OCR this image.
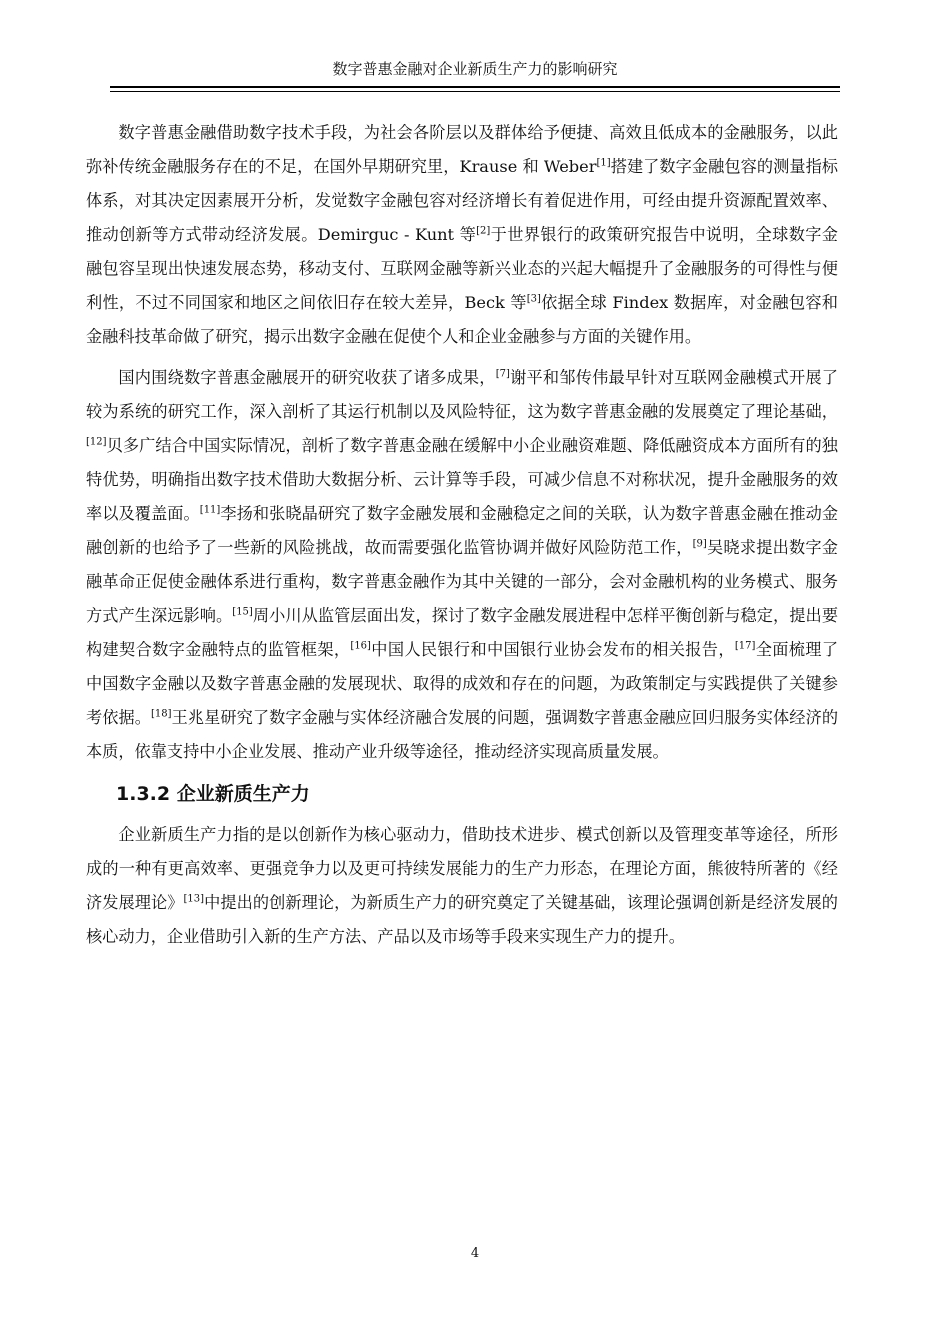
数字普惠金融对企业新质生产力的影响研究

数字普惠金融借助数字技术手段，为社会各阶层以及群体给予便捷、高效且低成本的金融服务，以此弥补传统金融服务存在的不足，在国外早期研究里，Krause 和 Weber[1]搭建了数字金融包容的测量指标体系，对其决定因素展开分析，发觉数字金融包容对经济增长有着促进作用，可经由提升资源配置效率、推动创新等方式带动经济发展。Demirguc - Kunt 等[2]于世界银行的政策研究报告中说明，全球数字金融包容呈现出快速发展态势，移动支付、互联网金融等新兴业态的兴起大幅提升了金融服务的可得性与便利性，不过不同国家和地区之间依旧存在较大差异，Beck 等[3]依据全球 Findex 数据库，对金融包容和金融科技革命做了研究，揭示出数字金融在促使个人和企业金融参与方面的关键作用。

国内围绕数字普惠金融展开的研究收获了诸多成果，[7]谢平和邹传伟最早针对互联网金融模式开展了较为系统的研究工作，深入剖析了其运行机制以及风险特征，这为数字普惠金融的发展奠定了理论基础，[12]贝多广结合中国实际情况，剖析了数字普惠金融在缓解中小企业融资难题、降低融资成本方面所有的独特优势，明确指出数字技术借助大数据分析、云计算等手段，可减少信息不对称状况，提升金融服务的效率以及覆盖面。[11]李扬和张晓晶研究了数字金融发展和金融稳定之间的关联，认为数字普惠金融在推动金融创新的也给予了一些新的风险挑战，故而需要强化监管协调并做好风险防范工作，[9]吴晓求提出数字金融革命正促使金融体系进行重构，数字普惠金融作为其中关键的一部分，会对金融机构的业务模式、服务方式产生深远影响。[15]周小川从监管层面出发，探讨了数字金融发展进程中怎样平衡创新与稳定，提出要构建契合数字金融特点的监管框架，[16]中国人民银行和中国银行业协会发布的相关报告，[17]全面梳理了中国数字金融以及数字普惠金融的发展现状、取得的成效和存在的问题，为政策制定与实践提供了关键参考依据。[18]王兆星研究了数字金融与实体经济融合发展的问题，强调数字普惠金融应回归服务实体经济的本质，依靠支持中小企业发展、推动产业升级等途径，推动经济实现高质量发展。

1.3.2 企业新质生产力

企业新质生产力指的是以创新作为核心驱动力，借助技术进步、模式创新以及管理变革等途径，所形成的一种有更高效率、更强竞争力以及更可持续发展能力的生产力形态，在理论方面，熊彼特所著的《经济发展理论》[13]中提出的创新理论，为新质生产力的研究奠定了关键基础，该理论强调创新是经济发展的核心动力，企业借助引入新的生产方法、产品以及市场等手段来实现生产力的提升。

4
